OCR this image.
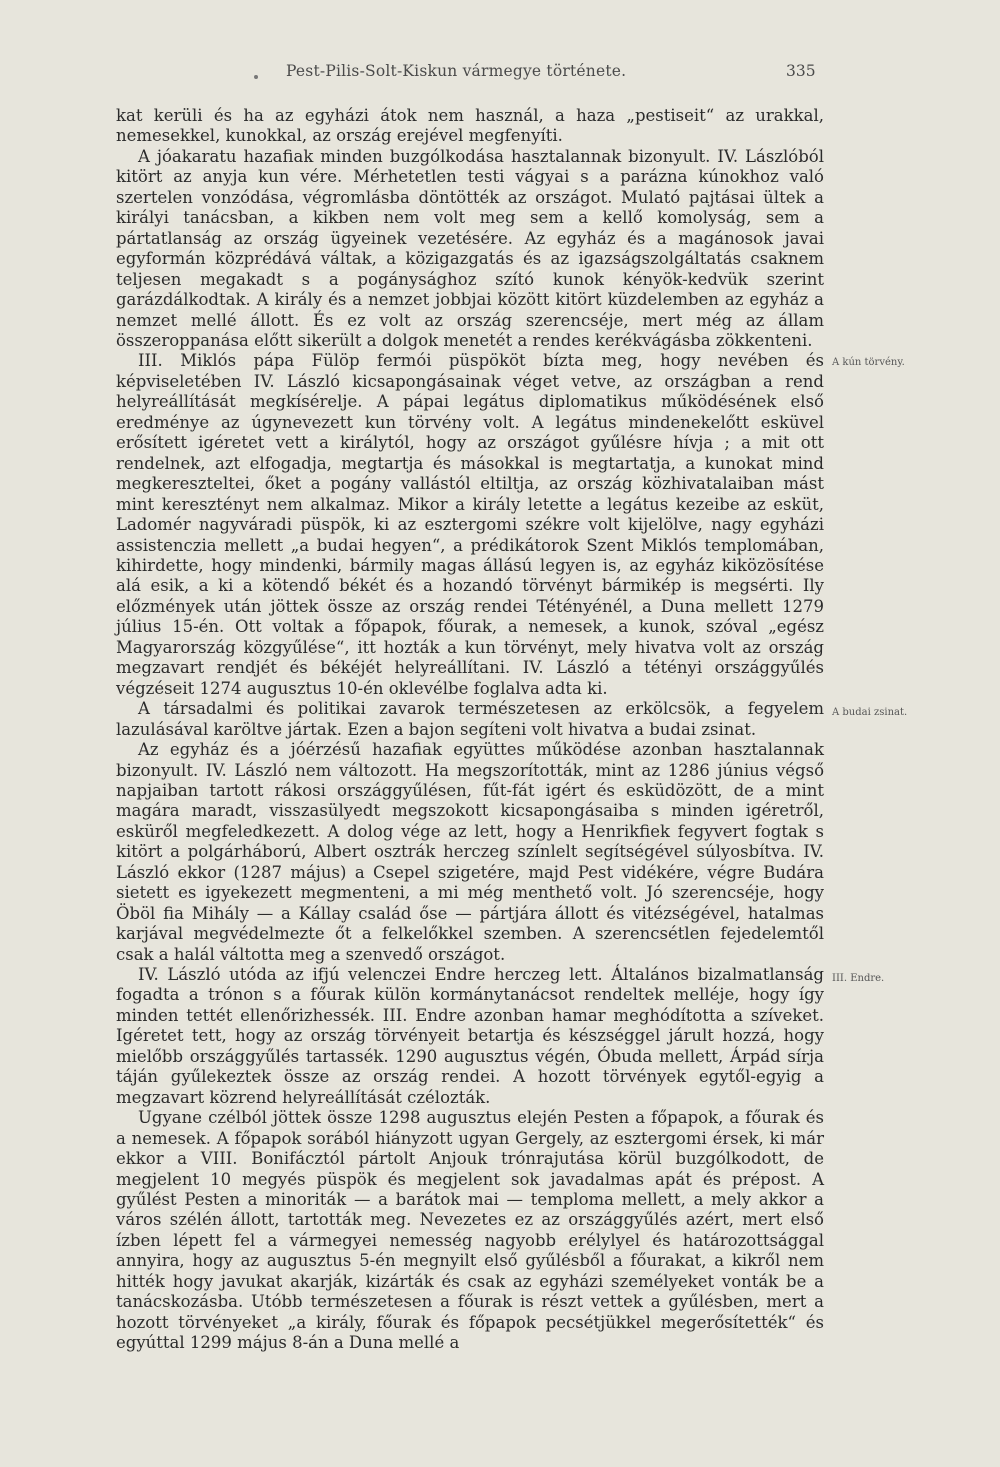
Pest-Pilis-Solt-Kiskun vármegye története.	335

kat kerüli és ha az egyházi átok nem használ, a haza „pestiseit“ az urakkal, nemesekkel, kunokkal, az ország erejével megfenyíti.

A jóakaratu hazafiak minden buzgólkodása hasztalannak bizonyult. IV. Lászlóból kitört az anyja kun vére. Mérhetetlen testi vágyai s a parázna kúnokhoz való szertelen vonzódása, végromlásba döntötték az országot. Mulató pajtásai ültek a királyi tanácsban, a kikben nem volt meg sem a kellő komolyság, sem a pártatlanság az ország ügyeinek vezetésére. Az egyház és a magánosok javai egyformán közprédává váltak, a közigazgatás és az igazságszolgáltatás csaknem teljesen megakadt s a pogánysághoz szító kunok kényök-kedvük szerint garázdálkodtak. A király és a nemzet jobbjai között kitört küzdelemben az egyház a nemzet mellé állott. És ez volt az ország szerencséje, mert még az állam összeroppanása előtt sikerült a dolgok menetét a rendes kerékvágásba zökkenteni.

III. Miklós pápa Fülöp fermói püspököt bízta meg, hogy nevében és képviseletében IV. László kicsapongásainak véget vetve, az országban a rend helyreállítását megkísérelje. A pápai legátus diplomatikus működésének első eredménye az úgynevezett kun törvény volt. A legátus mindenekelőtt esküvel erősített igéretet vett a királytól, hogy az országot gyűlésre hívja ; a mit ott rendelnek, azt elfogadja, megtartja és másokkal is megtartatja, a kunokat mind megkereszteltei, őket a pogány vallástól eltiltja, az ország közhivatalaiban mást mint keresztényt nem alkalmaz. Mikor a király letette a legátus kezeibe az esküt, Ladomér nagyváradi püspök, ki az esztergomi székre volt kijelölve, nagy egyházi assistenczia mellett „a budai hegyen“, a prédikátorok Szent Miklós templomában, kihirdette, hogy mindenki, bármily magas állású legyen is, az egyház kiközösítése alá esik, a ki a kötendő békét és a hozandó törvényt bármikép is megsérti. Ily előzmények után jöttek össze az ország rendei Tétényénél, a Duna mellett 1279 július 15-én. Ott voltak a főpapok, főurak, a nemesek, a kunok, szóval „egész Magyarország közgyűlése“, itt hozták a kun törvényt, mely hivatva volt az ország megzavart rendjét és békéjét helyreállítani. IV. László a tétényi országgyűlés végzéseit 1274 augusztus 10-én oklevélbe foglalva adta ki.

A társadalmi és politikai zavarok természetesen az erkölcsök, a fegyelem lazulásával karöltve jártak. Ezen a bajon segíteni volt hivatva a budai zsinat.

Az egyház és a jóérzésű hazafiak együttes működése azonban hasztalannak bizonyult. IV. László nem változott. Ha megszorították, mint az 1286 június végső napjaiban tartott rákosi országgyűlésen, fűt-fát igért és esküdözött, de a mint magára maradt, visszasülyedt megszokott kicsapongásaiba s minden igéretről, esküről megfeledkezett. A dolog vége az lett, hogy a Henrikfiek fegyvert fogtak s kitört a polgárháború, Albert osztrák herczeg színlelt segítségével súlyosbítva. IV. László ekkor (1287 május) a Csepel szigetére, majd Pest vidékére, végre Budára sietett es igyekezett megmenteni, a mi még menthető volt. Jó szerencséje, hogy Öböl fia Mihály — a Kállay család őse — pártjára állott és vitézségével, hatalmas karjával megvédelmezte őt a felkelőkkel szemben. A szerencsétlen fejedelemtől csak a halál váltotta meg a szenvedő országot.

IV. László utóda az ifjú velenczei Endre herczeg lett. Általános bizalmatlanság fogadta a trónon s a főurak külön kormánytanácsot rendeltek melléje, hogy így minden tettét ellenőrizhessék. III. Endre azonban hamar meghódította a szíveket. Igéretet tett, hogy az ország törvényeit betartja és készséggel járult hozzá, hogy mielőbb országgyűlés tartassék. 1290 augusztus végén, Óbuda mellett, Árpád sírja táján gyűlekeztek össze az ország rendei. A hozott törvények egytől-egyig a megzavart közrend helyreállítását czélozták.

Ugyane czélból jöttek össze 1298 augusztus elején Pesten a főpapok, a főurak és a nemesek. A főpapok sorából hiányzott ugyan Gergely, az esztergomi érsek, ki már ekkor a VIII. Bonifácztól pártolt Anjouk trónrajutása körül buzgólkodott, de megjelent 10 megyés püspök és megjelent sok javadalmas apát és prépost. A gyűlést Pesten a minoriták — a barátok mai — temploma mellett, a mely akkor a város szélén állott, tartották meg. Nevezetes ez az országgyűlés azért, mert első ízben lépett fel a vármegyei nemesség nagyobb erélylyel és határozottsággal annyira, hogy az augusztus 5-én megnyilt első gyűlésből a főurakat, a kikről nem hitték hogy javukat akarják, kizárták és csak az egyházi személyeket vonták be a tanácskozásba. Utóbb természetesen a főurak is részt vettek a gyűlésben, mert a hozott törvényeket „a király, főurak és főpapok pecsétjükkel megerősítették“ és egyúttal 1299 május 8-án a Duna mellé a

A kún törvény.
A budai zsinat.
III. Endre.
